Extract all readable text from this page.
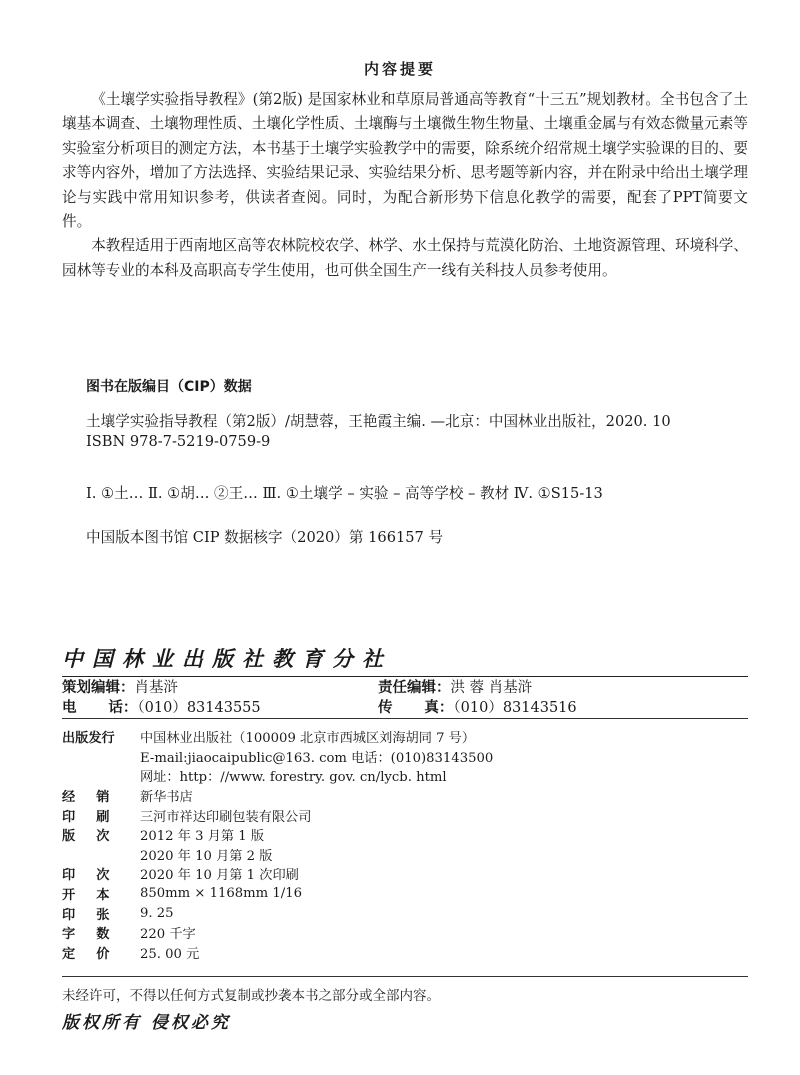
内容提要

《土壤学实验指导教程》(第2版) 是国家林业和草原局普通高等教育“十三五”规划教材。全书包含了土壤基本调查、土壤物理性质、土壤化学性质、土壤酶与土壤微生物生物量、土壤重金属与有效态微量元素等实验室分析项目的测定方法，本书基于土壤学实验教学中的需要，除系统介绍常规土壤学实验课的目的、要求等内容外，增加了方法选择、实验结果记录、实验结果分析、思考题等新内容，并在附录中给出土壤学理论与实践中常用知识参考，供读者查阅。同时，为配合新形势下信息化教学的需要，配套了PPT简要文件。

本教程适用于西南地区高等农林院校农学、林学、水土保持与荒漠化防治、土地资源管理、环境科学、园林等专业的本科及高职高专学生使用，也可供全国生产一线有关科技人员参考使用。

图书在版编目（CIP）数据
土壤学实验指导教程（第2版）/胡慧蓉，王艳霞主编. —北京：中国林业出版社，2020. 10
ISBN 978-7-5219-0759-9
Ⅰ. ①土… Ⅱ. ①胡… ②王… Ⅲ. ①土壤学 – 实验 – 高等学校 – 教材 Ⅳ. ①S15-13
中国版本图书馆 CIP 数据核字（2020）第 166157 号
中国林业出版社教育分社
策划编辑：肖基浒	责任编辑：洪 蓉 肖基浒
电话：（010）83143555	传真：（010）83143516
出版发行	中国林业出版社（100009 北京市西城区刘海胡同 7 号）
	E-mail:jiaocaipublic@163. com 电话：(010)83143500
	网址：http：//www. forestry. gov. cn/lycb. html
经销	新华书店
印刷	三河市祥达印刷包装有限公司
版次	2012 年 3 月第 1 版
	2020 年 10 月第 2 版
印次	2020 年 10 月第 1 次印刷
开本	850mm × 1168mm 1/16
印张	9. 25
字数	220 千字
定价	25. 00 元
未经许可，不得以任何方式复制或抄袭本书之部分或全部内容。
版权所有 侵权必究
